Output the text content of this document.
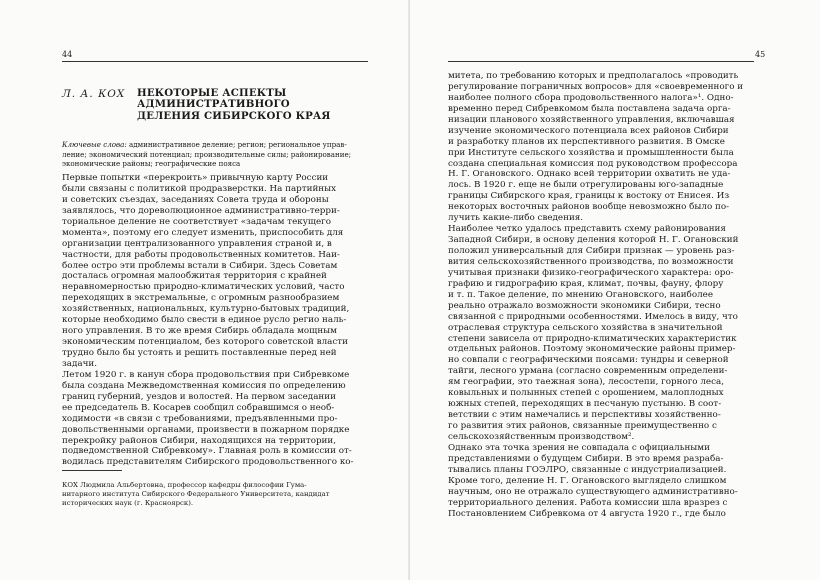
44
Л. А. КОХ НЕКОТОРЫЕ АСПЕКТЫ
АДМИНИСТРАТИВНОГО
ДЕЛЕНИЯ СИБИРСКОГО КРАЯ
Ключевые слова: административное деление; регион; региональное управ-
ление; экономический потенциал; производительные силы; районирование;
экономические районы; географические пояса
Первые попытки «перекроить» привычную карту России
были связаны с политикой продразверстки. На партийных
и советских съездах, заседаниях Совета труда и обороны
заявлялось, что дореволюционное административно-терри-
ториальное деление не соответствует «задачам текущего
момента», поэтому его следует изменить, приспособить для
организации централизованного управления страной и, в
частности, для работы продовольственных комитетов. Наи-
более остро эти проблемы встали в Сибири. Здесь Советам
досталась огромная малообжитая территория с крайней
неравномерностью природно-климатических условий, часто
переходящих в экстремальные, с огромным разнообразием
хозяйственных, национальных, культурно-бытовых традиций,
которые необходимо было свести в единое русло регио наль-
ного управления. В то же время Сибирь обладала мощным
экономическим потенциалом, без которого советской власти
трудно было бы устоять и решить поставленные перед ней
задачи.
Летом 1920 г. в канун сбора продовольствия при Сибревкоме
была создана Межведомственная комиссия по определению
границ губерний, уездов и волостей. На первом заседании
ее председатель В. Косарев сообщил собравшимся о необ-
ходимости «в связи с требованиями, предъявленными про-
довольственными органами, произвести в пожарном порядке
перекройку районов Сибири, находящихся на территории,
подведомственной Сибревкому». Главная роль в комиссии от-
водилась представителям Сибирского продовольственного ко-
КОХ Людмила Альбертовна, профессор кафедры философии Гума-
нитарного института Сибирского Федерального Университета, кандидат
исторических наук (г. Красноярск).
45
митета, по требованию которых и предполагалось «проводить
регулирование пограничных вопросов» для «своевременного и
наиболее полного сбора продовольственного налога»¹. Одно-
временно перед Сибревкомом была поставлена задача орга-
низации планового хозяйственного управления, включавшая
изучение экономического потенциала всех районов Сибири
и разработку планов их перспективного развития. В Омске
при Институте сельского хозяйства и промышленности была
создана специальная комиссия под руководством профессора
Н. Г. Огановского. Однако всей территории охватить не уда-
лось. В 1920 г. еще не были отрегулированы юго-западные
границы Сибирского края, границы к востоку от Енисея. Из
некоторых восточных районов вообще невозможно было по-
лучить какие-либо сведения.
Наиболее четко удалось представить схему районирования
Западной Сибири, в основу деления которой Н. Г. Огановский
положил универсальный для Сибири признак — уровень раз-
вития сельскохозяйственного производства, по возможности
учитывая признаки физико-географического характера: оро-
графию и гидрографию края, климат, почвы, фауну, флору
и т. п. Такое деление, по мнению Огановского, наиболее
реально отражало возможности экономики Сибири, тесно
связанной с природными особенностями. Имелось в виду, что
отраслевая структура сельского хозяйства в значительной
степени зависела от природно-климатических характеристик
отдельных районов. Поэтому экономические районы пример-
но совпали с географическими поясами: тундры и северной
тайги, лесного урмана (согласно современным определени-
ям географии, это таежная зона), лесостепи, горного леса,
ковыльных и полынных степей с орошением, малоплодных
южных степей, переходящих в песчаную пустыню. В соот-
ветствии с этим намечались и перспективы хозяйственно-
го развития этих районов, связанные преимущественно с
сельскохозяйственным производством².
Однако эта точка зрения не совпадала с официальными
представлениями о будущем Сибири. В это время разраба-
тывались планы ГОЭЛРО, связанные с индустриализацией.
Кроме того, деление Н. Г. Огановского выглядело слишком
научным, оно не отражало существующего административно-
территориального деления. Работа комиссии шла вразрез с
Постановлением Сибревкома от 4 августа 1920 г., где было
